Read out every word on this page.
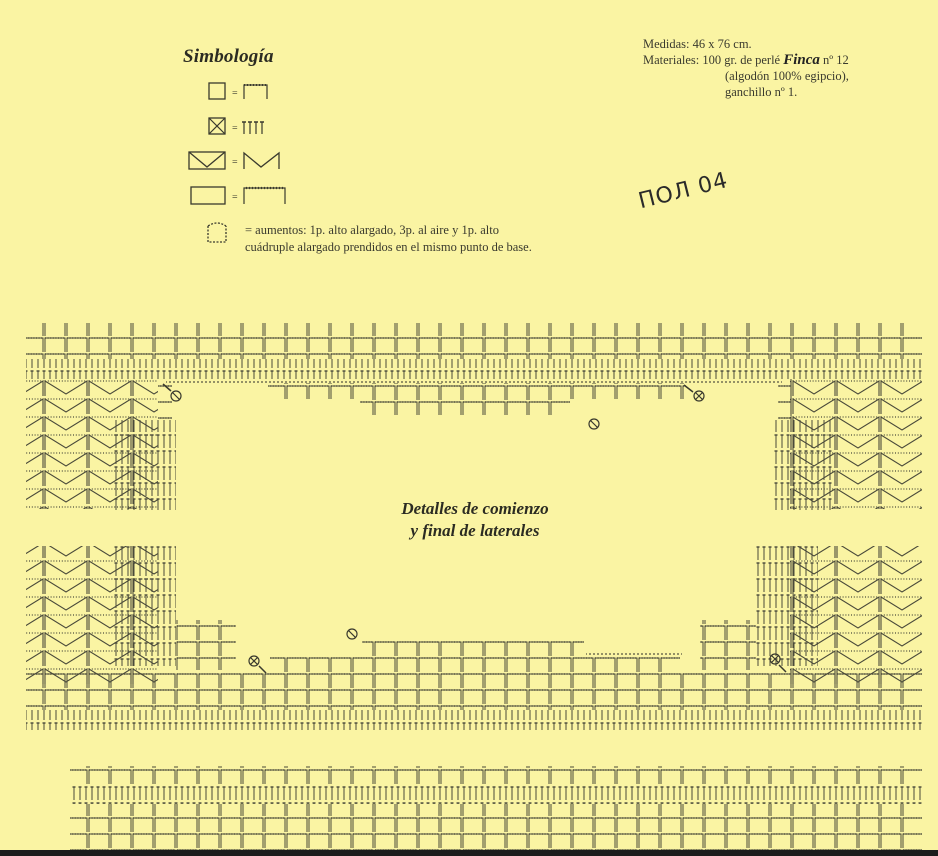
Simbología
=
=
=
=
= aumentos: 1p. alto alargado, 3p. al aire y 1p. alto cuádruple alargado prendidos en el mismo punto de base.
Medidas: 46 x 76 cm.
Materiales: 100 gr. de perlé Finca nº 12
(algodón 100% egipcio),
ganchillo nº 1.
ПОЛ 04
Detalles de comienzo
y final de laterales
